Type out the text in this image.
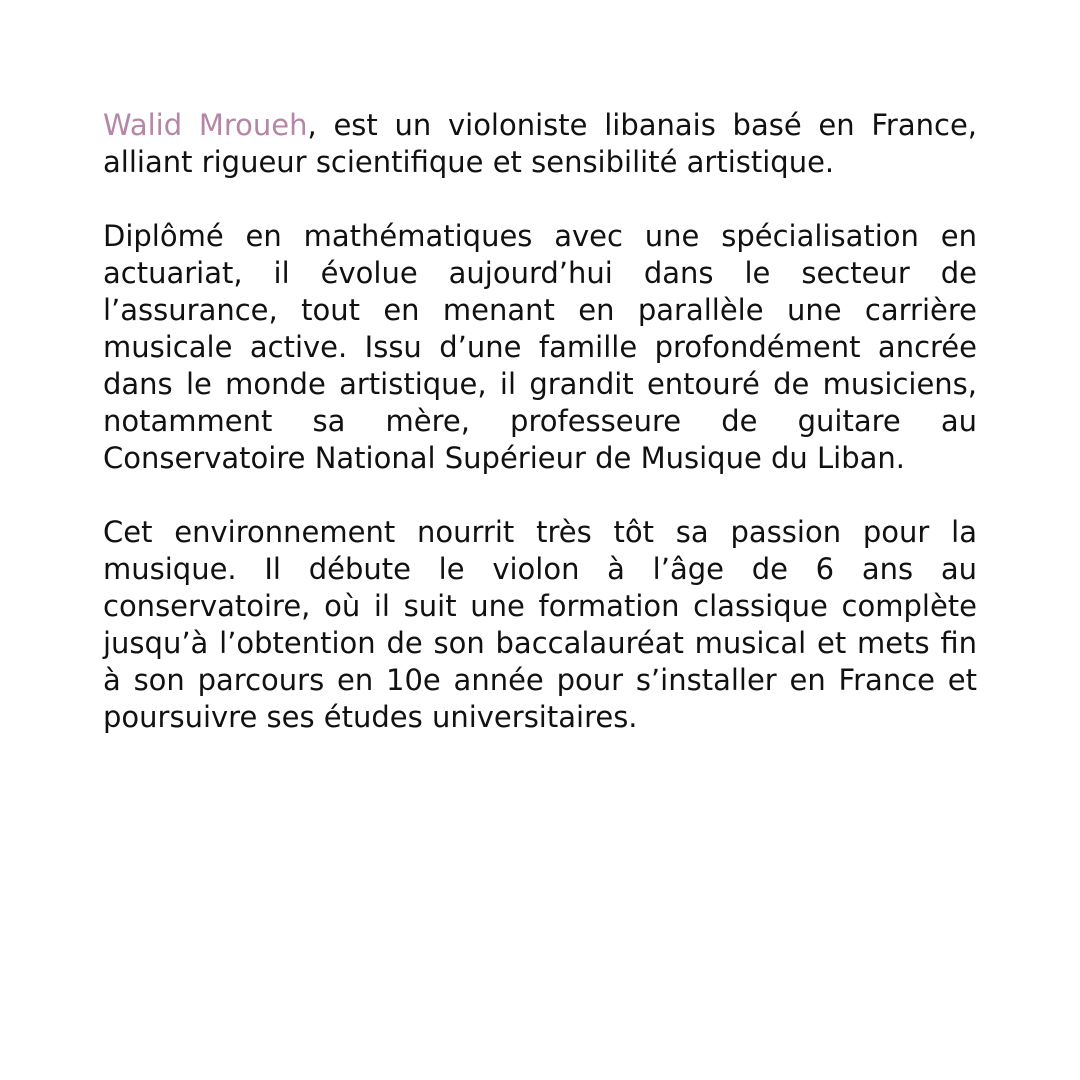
Walid Mroueh, est un violoniste libanais basé en France, alliant rigueur scientifique et sensibilité artistique.

Diplômé en mathématiques avec une spécialisation en actuariat, il évolue aujourd’hui dans le secteur de l’assurance, tout en menant en parallèle une carrière musicale active. Issu d’une famille profondément ancrée dans le monde artistique, il grandit entouré de musiciens, notamment sa mère, professeure de guitare au Conservatoire National Supérieur de Musique du Liban.

Cet environnement nourrit très tôt sa passion pour la musique. Il débute le violon à l’âge de 6 ans au conservatoire, où il suit une formation classique complète jusqu’à l’obtention de son baccalauréat musical et mets fin à son parcours en 10e année pour s’installer en France et poursuivre ses études universitaires.
